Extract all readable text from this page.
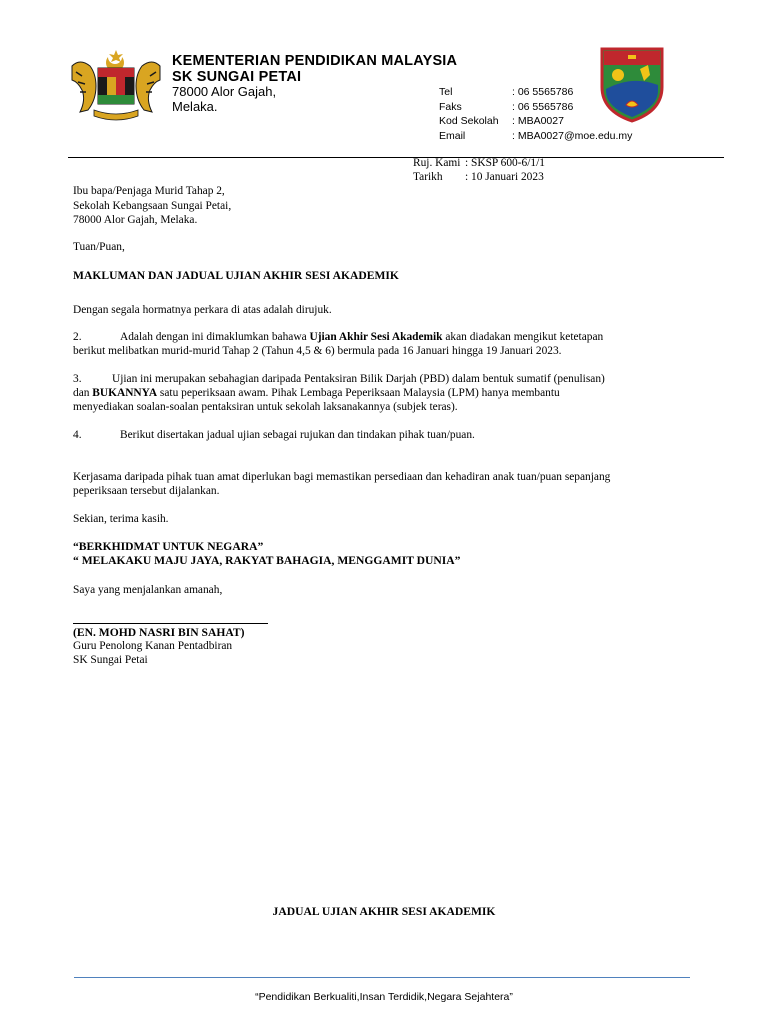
KEMENTERIAN PENDIDIKAN MALAYSIA
SK SUNGAI PETAI
78000 Alor Gajah,
Melaka.
Tel	: 06 5565786
Faks	: 06 5565786
Kod Sekolah	: MBA0027
Email	: MBA0027@moe.edu.my
Ruj. Kami : SKSP 600-6/1/1
Tarikh	: 10 Januari 2023
Ibu bapa/Penjaga Murid Tahap 2,
Sekolah Kebangsaan Sungai Petai,
78000 Alor Gajah, Melaka.
Tuan/Puan,
MAKLUMAN DAN JADUAL UJIAN AKHIR SESI AKADEMIK
Dengan segala hormatnya perkara di atas adalah dirujuk.
2.	Adalah dengan ini dimaklumkan bahawa Ujian Akhir Sesi Akademik akan diadakan mengikut ketetapan
berikut melibatkan murid-murid Tahap 2 (Tahun 4,5 & 6) bermula pada 16 Januari hingga 19 Januari 2023.
3.	Ujian ini merupakan sebahagian daripada Pentaksiran Bilik Darjah (PBD) dalam bentuk sumatif (penulisan)
dan BUKANNYA satu peperiksaan awam. Pihak Lembaga Peperiksaan Malaysia (LPM) hanya membantu
menyediakan soalan-soalan pentaksiran untuk sekolah laksanakannya (subjek teras).
4.	Berikut disertakan jadual ujian sebagai rujukan dan tindakan pihak tuan/puan.
Kerjasama daripada pihak tuan amat diperlukan bagi memastikan persediaan dan kehadiran anak tuan/puan sepanjang
peperiksaan tersebut dijalankan.
Sekian, terima kasih.
“BERKHIDMAT UNTUK NEGARA”
“ MELAKAKU MAJU JAYA, RAKYAT BAHAGIA, MENGGAMIT DUNIA”
Saya yang menjalankan amanah,
(EN. MOHD NASRI BIN SAHAT)
Guru Penolong Kanan Pentadbiran
SK Sungai Petai
JADUAL UJIAN AKHIR SESI AKADEMIK
“Pendidikan Berkualiti,Insan Terdidik,Negara Sejahtera”
